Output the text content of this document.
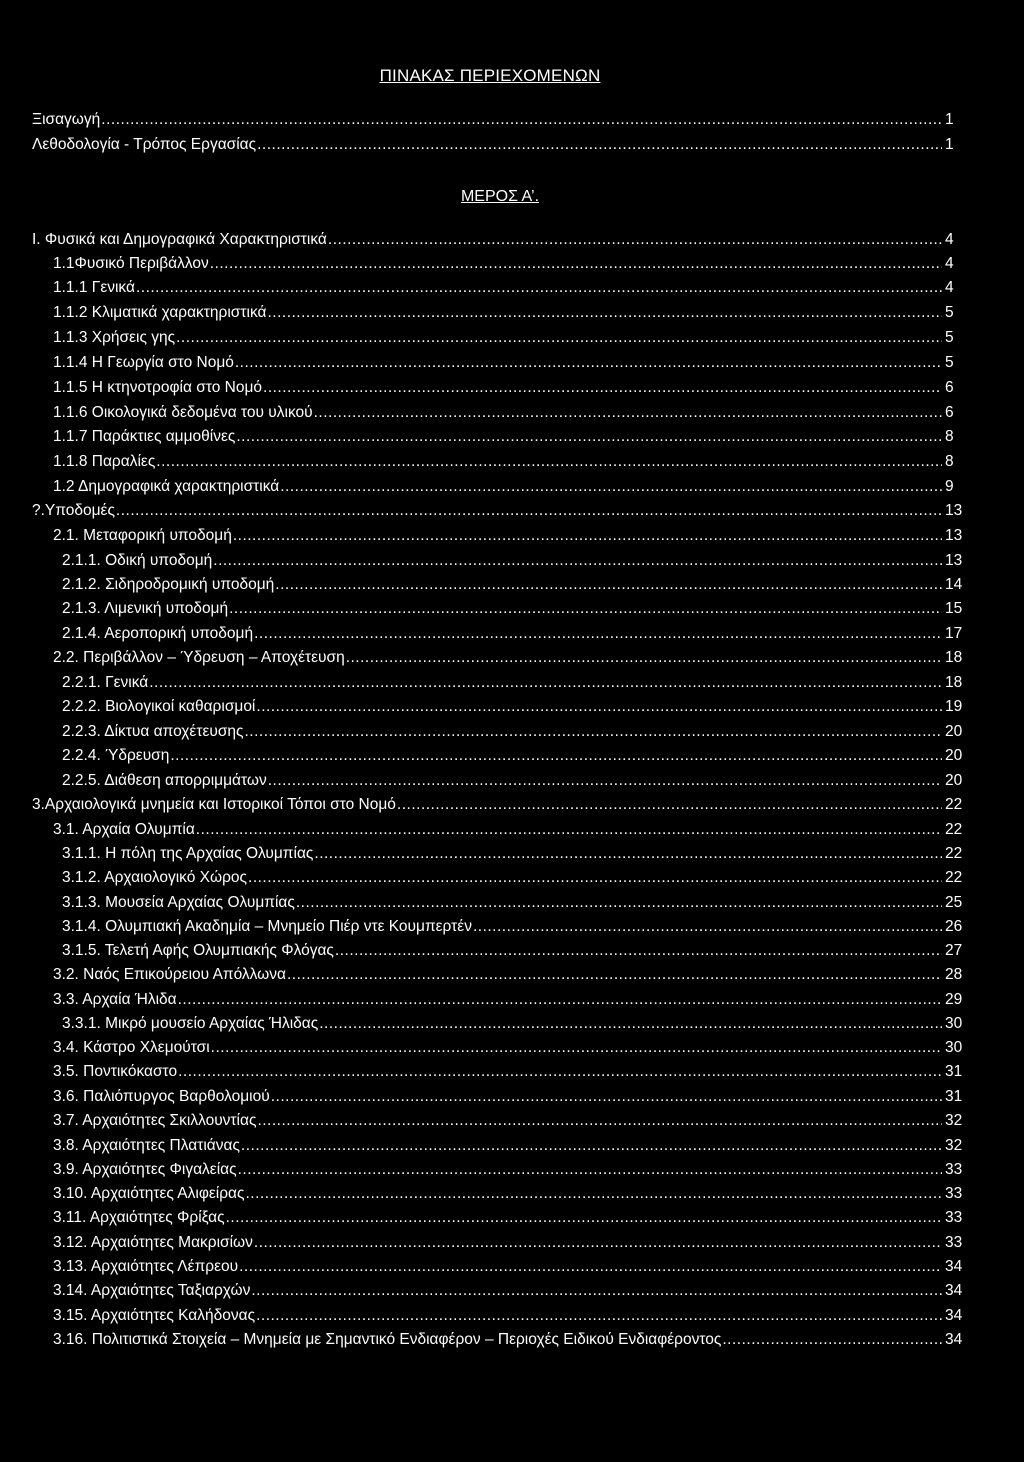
ΠΙΝΑΚΑΣ ΠΕΡΙΕΧΟΜΕΝΩΝ
ΜΕΡΟΣ Α’.
Ξισαγωγή .....	1
Λεθοδολογία - Τρόπος Εργασίας .....	1
Ι. Φυσικά και Δημογραφικά Χαρακτηριστικά .....	4
1.1Φυσικό Περιβάλλον .....	4
1.1.1 Γενικά .....	4
1.1.2 Κλιματικά χαρακτηριστικά .....	5
1.1.3 Χρήσεις γης .....	5
1.1.4 Η Γεωργία στο Νομό .....	5
1.1.5 Η κτηνοτροφία στο Νομό .....	6
1.1.6 Οικολογικά δεδομένα του υλικού .....	6
1.1.7 Παράκτιες αμμοθίνες .....	8
1.1.8 Παραλίες .....	8
1.2 Δημογραφικά χαρακτηριστικά .....	9
?.Υποδομές .....	13
2.1. Μεταφορική υποδομή .....	13
2.1.1. Οδική υποδομή .....	13
2.1.2. Σιδηροδρομική υποδομή .....	14
2.1.3. Λιμενική υποδομή .....	15
2.1.4. Αεροπορική υποδομή .....	17
2.2. Περιβάλλον – Ύδρευση – Αποχέτευση .....	18
2.2.1. Γενικά .....	18
2.2.2. Βιολογικοί καθαρισμοί .....	19
2.2.3. Δίκτυα αποχέτευσης .....	20
2.2.4. Ύδρευση .....	20
2.2.5. Διάθεση απορριμμάτων .....	20
3.Αρχαιολογικά μνημεία και Ιστορικοί Τόποι στο Νομό .....	22
3.1. Αρχαία Ολυμπία .....	22
3.1.1. Η πόλη της Αρχαίας Ολυμπίας .....	22
3.1.2. Αρχαιολογικό Χώρος .....	22
3.1.3. Μουσεία Αρχαίας Ολυμπίας .....	25
3.1.4. Ολυμπιακή Ακαδημία – Μνημείο Πιέρ ντε Κουμπερτέν .....	26
3.1.5. Τελετή Αφής Ολυμπιακής Φλόγας .....	27
3.2. Ναός Επικούρειου Απόλλωνα .....	28
3.3. Αρχαία Ήλιδα .....	29
3.3.1. Μικρό μουσείο Αρχαίας Ήλιδας .....	30
3.4. Κάστρο Χλεμούτσι .....	30
3.5. Ποντικόκαστο .....	31
3.6. Παλιόπυργος Βαρθολομιού .....	31
3.7. Αρχαιότητες Σκιλλουντίας .....	32
3.8. Αρχαιότητες Πλατιάνας .....	32
3.9. Αρχαιότητες Φιγαλείας .....	33
3.10. Αρχαιότητες Αλιφείρας .....	33
3.11. Αρχαιότητες Φρίξας .....	33
3.12. Αρχαιότητες Μακρισίων .....	33
3.13. Αρχαιότητες Λέπρεου .....	34
3.14. Αρχαιότητες Ταξιαρχών .....	34
3.15. Αρχαιότητες Καλήδονας .....	34
3.16. Πολιτιστικά Στοιχεία – Μνημεία με Σημαντικό Ενδιαφέρον – Περιοχές Ειδικού Ενδιαφέροντος .....	34
